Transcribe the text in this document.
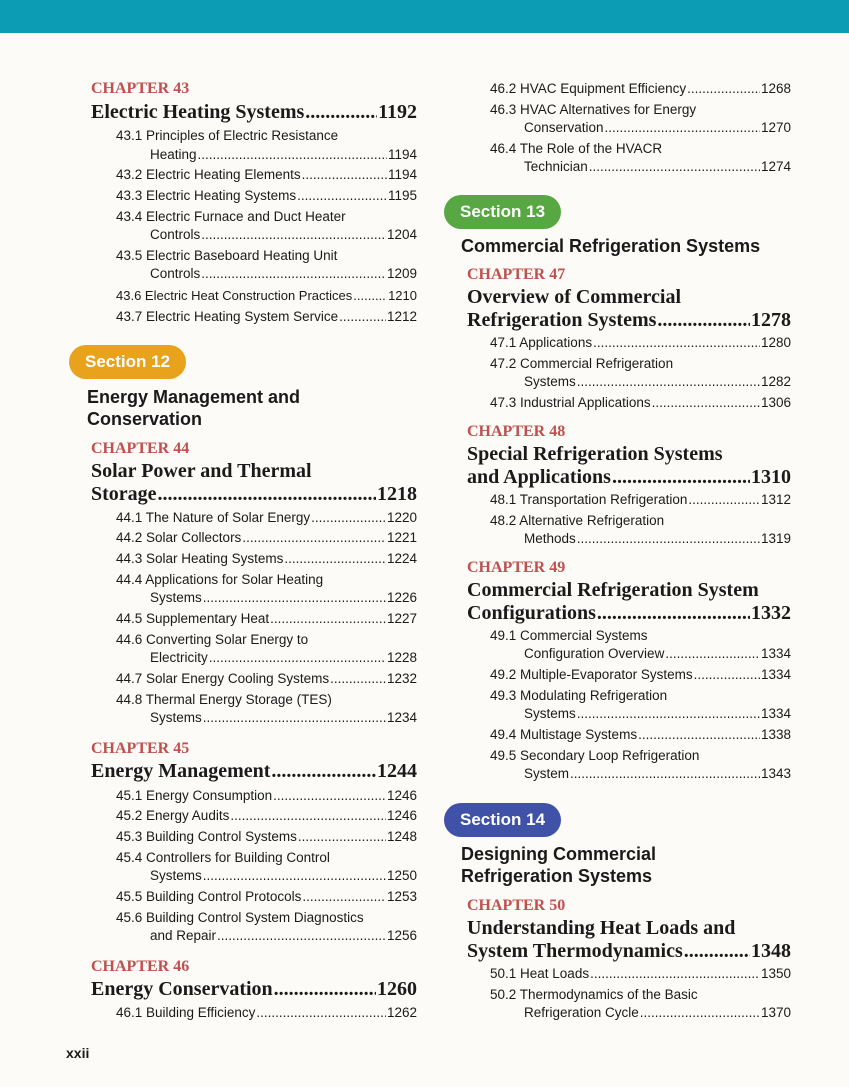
CHAPTER 43
Electric Heating Systems .....	1192
43.1 Principles of Electric Resistance
Heating .....	1194
43.2 Electric Heating Elements .....	1194
43.3 Electric Heating Systems .....	1195
43.4 Electric Furnace and Duct Heater
Controls .....	1204
43.5 Electric Baseboard Heating Unit
Controls .....	1209
43.6 Electric Heat Construction Practices .....	1210
43.7 Electric Heating System Service .....	1212
Section 12
Energy Management and
Conservation
CHAPTER 44
Solar Power and Thermal
Storage .....	1218
44.1 The Nature of Solar Energy .....	1220
44.2 Solar Collectors .....	1221
44.3 Solar Heating Systems .....	1224
44.4 Applications for Solar Heating
Systems .....	1226
44.5 Supplementary Heat .....	1227
44.6 Converting Solar Energy to
Electricity .....	1228
44.7 Solar Energy Cooling Systems .....	1232
44.8 Thermal Energy Storage (TES)
Systems .....	1234
CHAPTER 45
Energy Management .....	1244
45.1 Energy Consumption .....	1246
45.2 Energy Audits .....	1246
45.3 Building Control Systems .....	1248
45.4 Controllers for Building Control
Systems .....	1250
45.5 Building Control Protocols .....	1253
45.6 Building Control System Diagnostics
and Repair .....	1256
CHAPTER 46
Energy Conservation .....	1260
46.1 Building Efficiency .....	1262
46.2 HVAC Equipment Efficiency .....	1268
46.3 HVAC Alternatives for Energy
Conservation .....	1270
46.4 The Role of the HVACR
Technician .....	1274
Section 13
Commercial Refrigeration Systems
CHAPTER 47
Overview of Commercial
Refrigeration Systems .....	1278
47.1 Applications .....	1280
47.2 Commercial Refrigeration
Systems .....	1282
47.3 Industrial Applications .....	1306
CHAPTER 48
Special Refrigeration Systems
and Applications .....	1310
48.1 Transportation Refrigeration .....	1312
48.2 Alternative Refrigeration
Methods .....	1319
CHAPTER 49
Commercial Refrigeration System
Configurations .....	1332
49.1 Commercial Systems
Configuration Overview .....	1334
49.2 Multiple-Evaporator Systems .....	1334
49.3 Modulating Refrigeration
Systems .....	1334
49.4 Multistage Systems .....	1338
49.5 Secondary Loop Refrigeration
System .....	1343
Section 14
Designing Commercial
Refrigeration Systems
CHAPTER 50
Understanding Heat Loads and
System Thermodynamics .....	1348
50.1 Heat Loads .....	1350
50.2 Thermodynamics of the Basic
Refrigeration Cycle .....	1370
xxii
